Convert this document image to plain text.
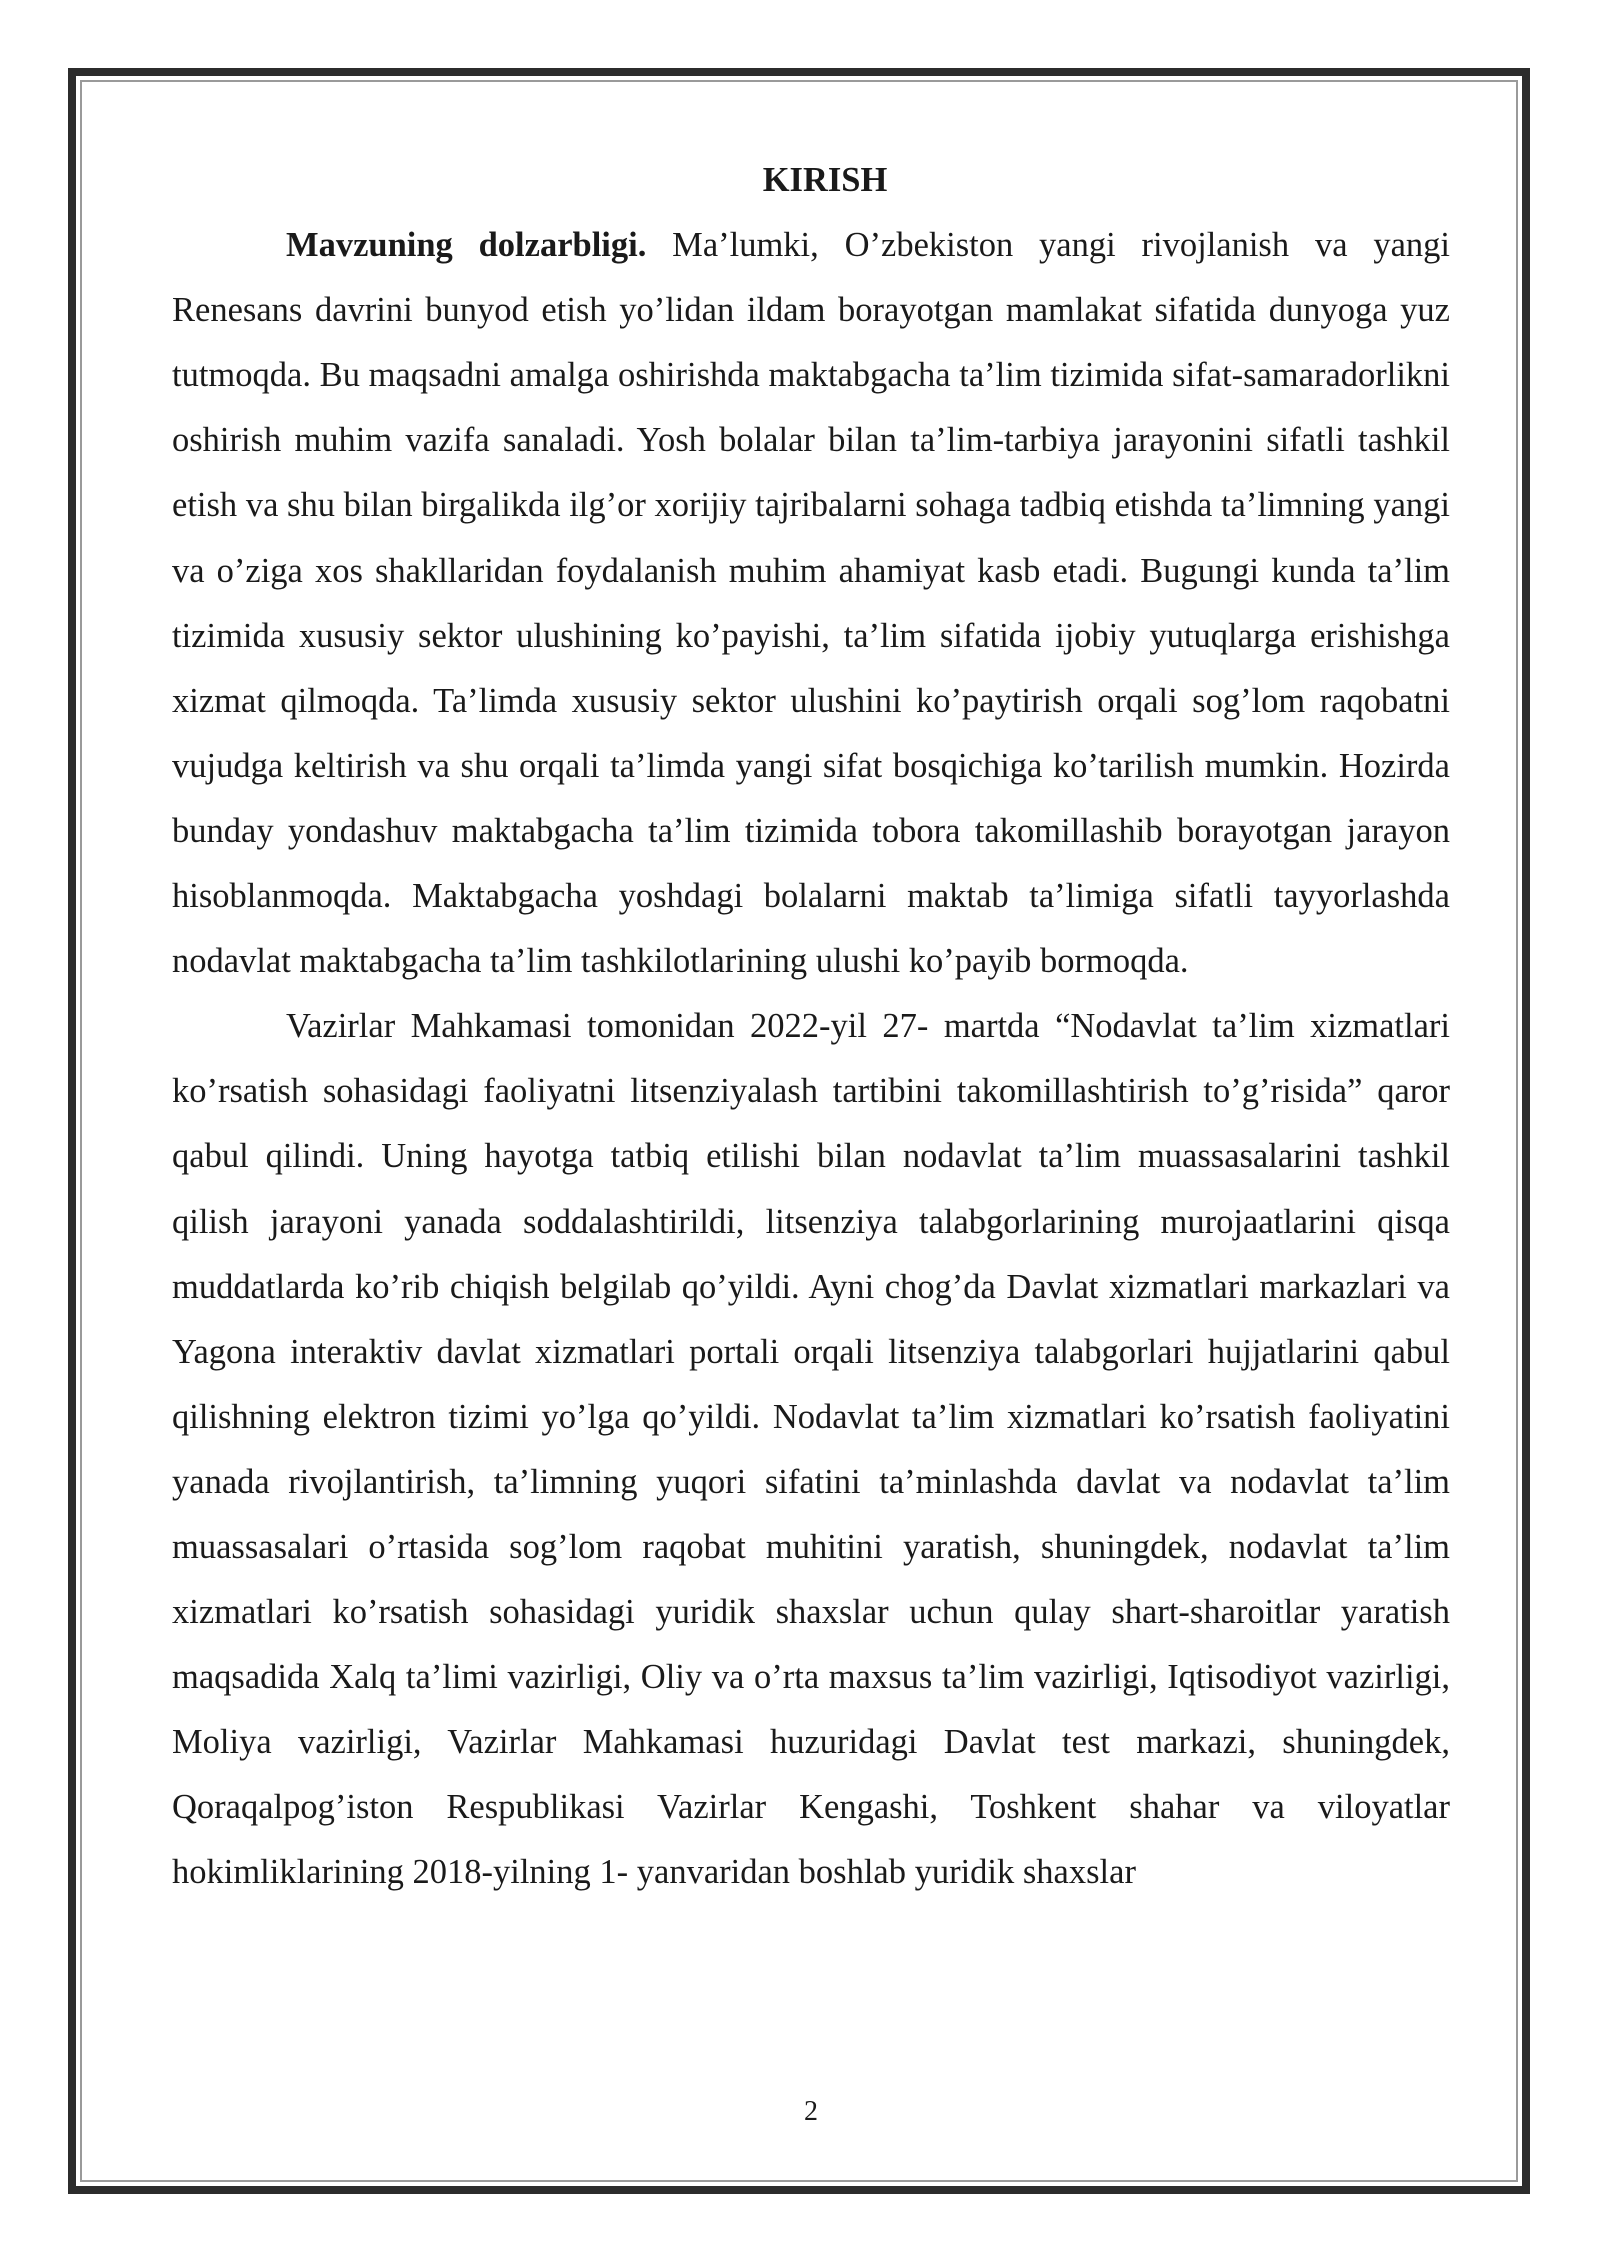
KIRISH

Mavzuning dolzarbligi. Ma’lumki, O’zbekiston yangi rivojlanish va yangi Renesans davrini bunyod etish yo’lidan ildam borayotgan mamlakat sifatida dunyoga yuz tutmoqda. Bu maqsadni amalga oshirishda maktabgacha ta’lim tizimida sifat-samaradorlikni oshirish muhim vazifa sanaladi. Yosh bolalar bilan ta’lim-tarbiya jarayonini sifatli tashkil etish va shu bilan birgalikda ilg’or xorijiy tajribalarni sohaga tadbiq etishda ta’limning yangi va o’ziga xos shakllaridan foydalanish muhim ahamiyat kasb etadi. Bugungi kunda ta’lim tizimida xususiy sektor ulushining ko’payishi, ta’lim sifatida ijobiy yutuqlarga erishishga xizmat qilmoqda. Ta’limda xususiy sektor ulushini ko’paytirish orqali sog’lom raqobatni vujudga keltirish va shu orqali ta’limda yangi sifat bosqichiga ko’tarilish mumkin. Hozirda bunday yondashuv maktabgacha ta’lim tizimida tobora takomillashib borayotgan jarayon hisoblanmoqda. Maktabgacha yoshdagi bolalarni maktab ta’limiga sifatli tayyorlashda nodavlat maktabgacha ta’lim tashkilotlarining ulushi ko’payib bormoqda.

Vazirlar Mahkamasi tomonidan 2022-yil 27- martda “Nodavlat ta’lim xizmatlari ko’rsatish sohasidagi faoliyatni litsenziyalash tartibini takomillashtirish to’g’risida” qaror qabul qilindi. Uning hayotga tatbiq etilishi bilan nodavlat ta’lim muassasalarini tashkil qilish jarayoni yanada soddalashtirildi, litsenziya talabgorlarining murojaatlarini qisqa muddatlarda ko’rib chiqish belgilab qo’yildi. Ayni chog’da Davlat xizmatlari markazlari va Yagona interaktiv davlat xizmatlari portali orqali litsenziya talabgorlari hujjatlarini qabul qilishning elektron tizimi yo’lga qo’yildi. Nodavlat ta’lim xizmatlari ko’rsatish faoliyatini yanada rivojlantirish, ta’limning yuqori sifatini ta’minlashda davlat va nodavlat ta’lim muassasalari o’rtasida sog’lom raqobat muhitini yaratish, shuningdek, nodavlat ta’lim xizmatlari ko’rsatish sohasidagi yuridik shaxslar uchun qulay shart-sharoitlar yaratish maqsadida Xalq ta’limi vazirligi, Oliy va o’rta maxsus ta’lim vazirligi, Iqtisodiyot vazirligi, Moliya vazirligi, Vazirlar Mahkamasi huzuridagi Davlat test markazi, shuningdek, Qoraqalpog’iston Respublikasi Vazirlar Kengashi, Toshkent shahar va viloyatlar hokimliklarining 2018-yilning 1- yanvaridan boshlab yuridik shaxslar

2
